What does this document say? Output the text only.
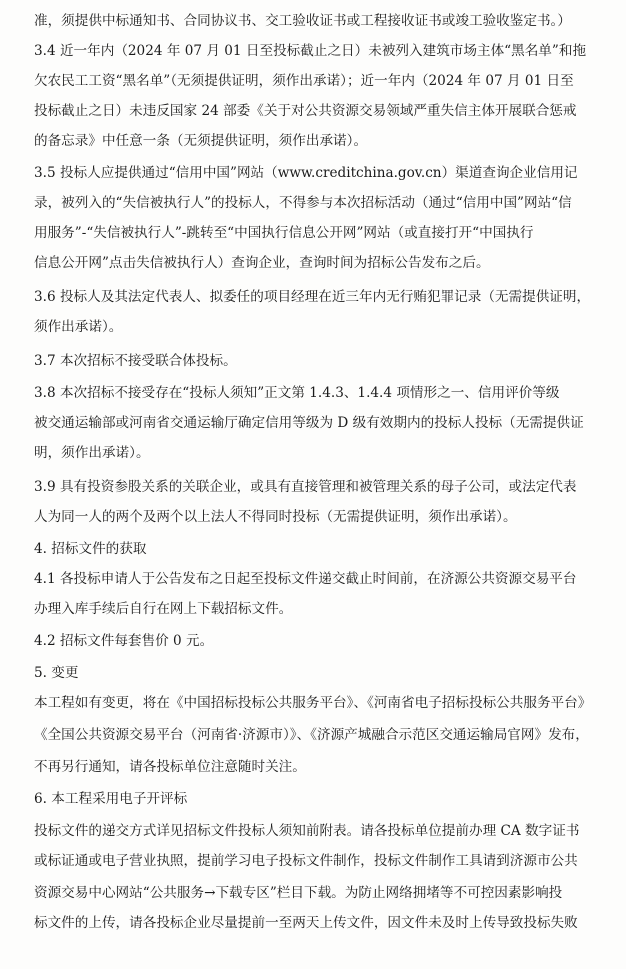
准，须提供中标通知书、合同协议书、交工验收证书或工程接收证书或竣工验收鉴定书。）
3.4 近一年内（2024 年 07 月 01 日至投标截止之日）未被列入建筑市场主体“黑名单”和拖
欠农民工工资“黑名单”（无须提供证明，须作出承诺）；近一年内（2024 年 07 月 01 日至
投标截止之日）未违反国家 24 部委《关于对公共资源交易领域严重失信主体开展联合惩戒
的备忘录》中任意一条（无须提供证明，须作出承诺）。
3.5 投标人应提供通过“信用中国”网站（www.creditchina.gov.cn）渠道查询企业信用记
录，被列入的“失信被执行人”的投标人，不得参与本次招标活动（通过“信用中国”网站“信
用服务”-“失信被执行人”-跳转至“中国执行信息公开网”网站（或直接打开“中国执行
信息公开网”点击失信被执行人）查询企业，查询时间为招标公告发布之后。
3.6 投标人及其法定代表人、拟委任的项目经理在近三年内无行贿犯罪记录（无需提供证明，
须作出承诺）。
3.7 本次招标不接受联合体投标。
3.8 本次招标不接受存在“投标人须知”正文第 1.4.3、1.4.4 项情形之一、信用评价等级
被交通运输部或河南省交通运输厅确定信用等级为 D 级有效期内的投标人投标（无需提供证
明，须作出承诺）。
3.9 具有投资参股关系的关联企业，或具有直接管理和被管理关系的母子公司，或法定代表
人为同一人的两个及两个以上法人不得同时投标（无需提供证明，须作出承诺）。
4. 招标文件的获取
4.1 各投标申请人于公告发布之日起至投标文件递交截止时间前，在济源公共资源交易平台
办理入库手续后自行在网上下载招标文件。
4.2 招标文件每套售价 0 元。
5. 变更
本工程如有变更，将在《中国招标投标公共服务平台》、《河南省电子招标投标公共服务平台》
《全国公共资源交易平台（河南省·济源市）》、《济源产城融合示范区交通运输局官网》发布，
不再另行通知，请各投标单位注意随时关注。
6. 本工程采用电子开评标
投标文件的递交方式详见招标文件投标人须知前附表。请各投标单位提前办理 CA 数字证书
或标证通或电子营业执照，提前学习电子投标文件制作，投标文件制作工具请到济源市公共
资源交易中心网站“公共服务→下载专区”栏目下载。为防止网络拥堵等不可控因素影响投
标文件的上传，请各投标企业尽量提前一至两天上传文件，因文件未及时上传导致投标失败
